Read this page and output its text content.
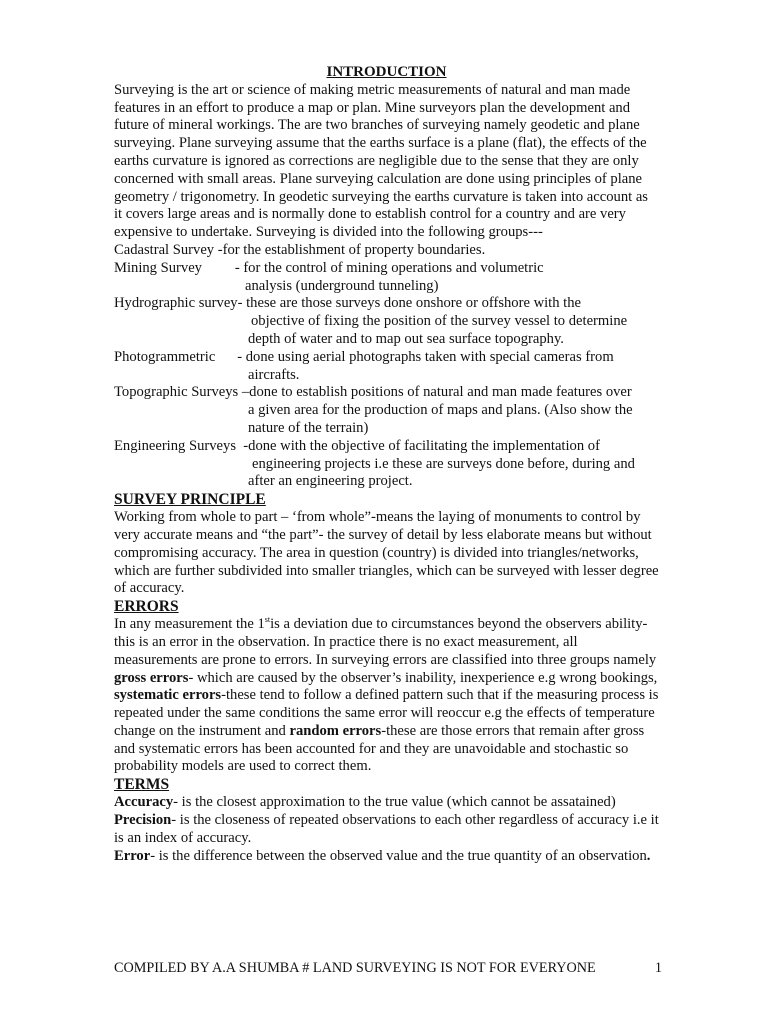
INTRODUCTION

Surveying is the art or science of making metric measurements of natural and man made features in an effort to produce a map or plan. Mine surveyors plan the development and future of mineral workings. The are two branches of surveying namely geodetic and plane surveying. Plane surveying assume that the earths surface is a plane (flat), the effects of the earths curvature is ignored as corrections are negligible due to the sense that they are only concerned with small areas. Plane surveying calculation are done using principles of plane geometry / trigonometry. In geodetic surveying the earths curvature is taken into account as it covers large areas and is normally done to establish control for a country and are very expensive to undertake. Surveying is divided into the following groups---

Cadastral Survey -for the establishment of property boundaries.
Mining Survey - for the control of mining operations and volumetric
analysis (underground tunneling)
Hydrographic survey - these are those surveys done onshore or offshore with the
objective of fixing the position of the survey vessel to determine
depth of water and to map out sea surface topography.
Photogrammetric - done using aerial photographs taken with special cameras from
aircrafts.
Topographic Surveys –done to establish positions of natural and man made features over
a given area for the production of maps and plans. (Also show the
nature of the terrain)
Engineering Surveys -done with the objective of facilitating the implementation of
engineering projects i.e these are surveys done before, during and
after an engineering project.
SURVEY PRINCIPLE

Working from whole to part – ‘from whole”-means the laying of monuments to control by very accurate means and “the part”- the survey of detail by less elaborate means but without compromising accuracy. The area in question (country) is divided into triangles/networks, which are further subdivided into smaller triangles, which can be surveyed with lesser degree of accuracy.

ERRORS

In any measurement the 1stis a deviation due to circumstances beyond the observers ability- this is an error in the observation. In practice there is no exact measurement, all measurements are prone to errors. In surveying errors are classified into three groups namely gross errors- which are caused by the observer’s inability, inexperience e.g wrong bookings, systematic errors-these tend to follow a defined pattern such that if the measuring process is repeated under the same conditions the same error will reoccur e.g the effects of temperature change on the instrument and random errors-these are those errors that remain after gross and systematic errors has been accounted for and they are unavoidable and stochastic so probability models are used to correct them.

TERMS

Accuracy- is the closest approximation to the true value (which cannot be assatained)

Precision- is the closeness of repeated observations to each other regardless of accuracy i.e it is an index of accuracy.

Error- is the difference between the observed value and the true quantity of an observation.

COMPILED BY A.A SHUMBA # LAND SURVEYING IS NOT FOR EVERYONE	1
